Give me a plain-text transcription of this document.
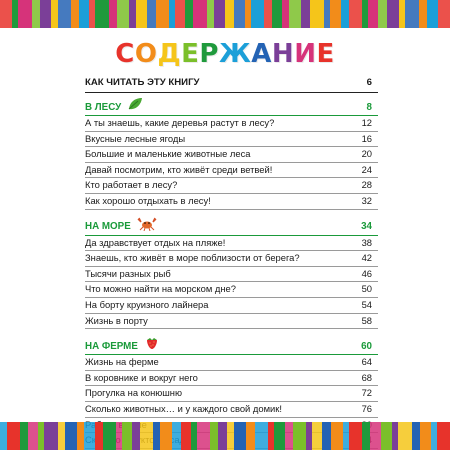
СОДЕРЖАНИЕ
КАК ЧИТАТЬ ЭТУ КНИГУ	6
В ЛЕСУ	8
А ты знаешь, какие деревья растут в лесу?	12
Вкусные лесные ягоды	16
Большие и маленькие животные леса	20
Давай посмотрим, кто живёт среди ветвей!	24
Кто работает в лесу?	28
Как хорошо отдыхать в лесу!	32
НА МОРЕ	34
Да здравствует отдых на пляже!	38
Знаешь, кто живёт в море поблизости от берега?	42
Тысячи разных рыб	46
Что можно найти на морском дне?	50
На борту круизного лайнера	54
Жизнь в порту	58
НА ФЕРМЕ	60
Жизнь на ферме	64
В коровнике и вокруг него	68
Прогулка на конюшню	72
Сколько животных… и у каждого свой домик!	76
